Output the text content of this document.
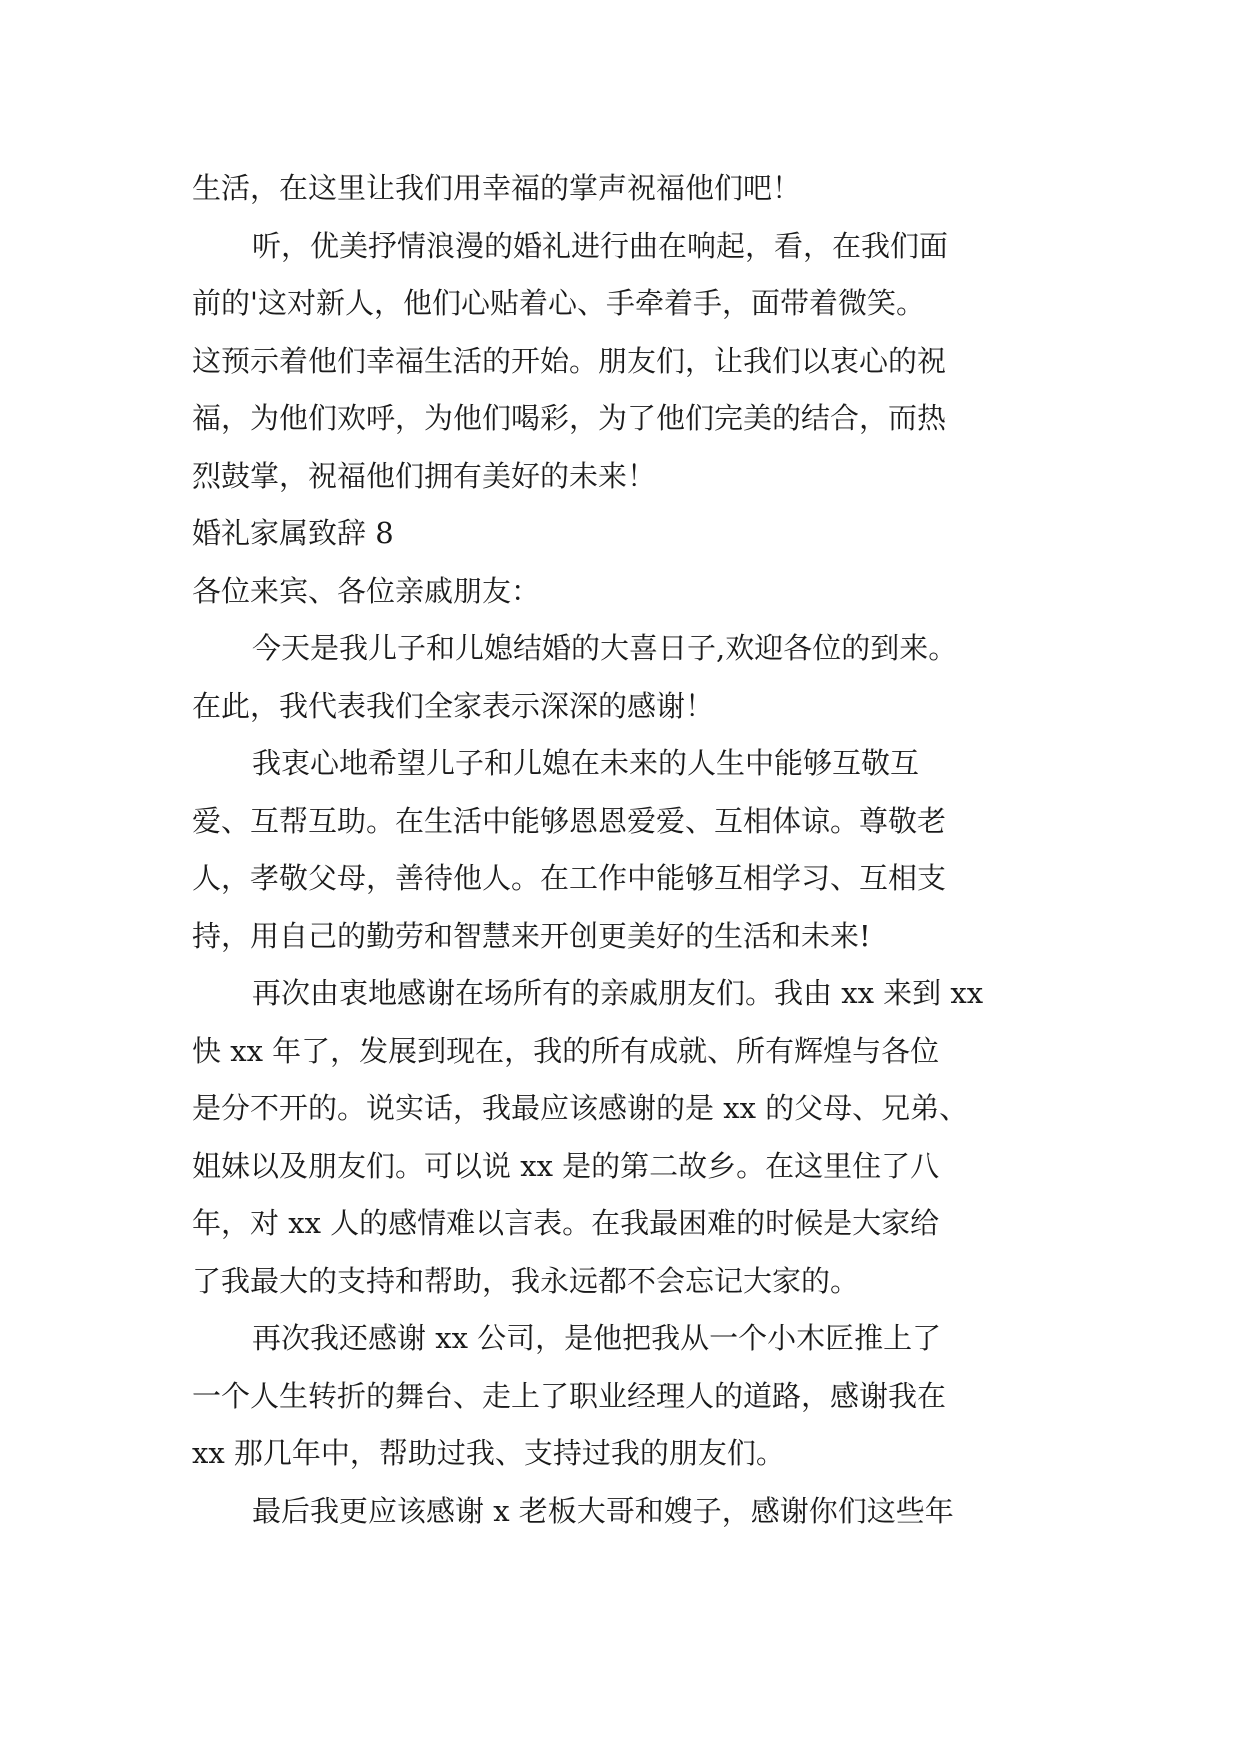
生活，在这里让我们用幸福的掌声祝福他们吧！
听，优美抒情浪漫的婚礼进行曲在响起，看，在我们面
前的'这对新人，他们心贴着心、手牵着手，面带着微笑。
这预示着他们幸福生活的开始。朋友们，让我们以衷心的祝
福，为他们欢呼，为他们喝彩，为了他们完美的结合，而热
烈鼓掌，祝福他们拥有美好的未来！
婚礼家属致辞 8
各位来宾、各位亲戚朋友：
今天是我儿子和儿媳结婚的大喜日子,欢迎各位的到来。
在此，我代表我们全家表示深深的感谢！
我衷心地希望儿子和儿媳在未来的人生中能够互敬互
爱、互帮互助。在生活中能够恩恩爱爱、互相体谅。尊敬老
人，孝敬父母，善待他人。在工作中能够互相学习、互相支
持，用自己的勤劳和智慧来开创更美好的生活和未来!
再次由衷地感谢在场所有的亲戚朋友们。我由 xx 来到 xx
快 xx 年了，发展到现在，我的所有成就、所有辉煌与各位
是分不开的。说实话，我最应该感谢的是 xx 的父母、兄弟、
姐妹以及朋友们。可以说 xx 是的第二故乡。在这里住了八
年，对 xx 人的感情难以言表。在我最困难的时候是大家给
了我最大的支持和帮助，我永远都不会忘记大家的。
再次我还感谢 xx 公司，是他把我从一个小木匠推上了
一个人生转折的舞台、走上了职业经理人的道路，感谢我在
xx 那几年中，帮助过我、支持过我的朋友们。
最后我更应该感谢 x 老板大哥和嫂子，感谢你们这些年
